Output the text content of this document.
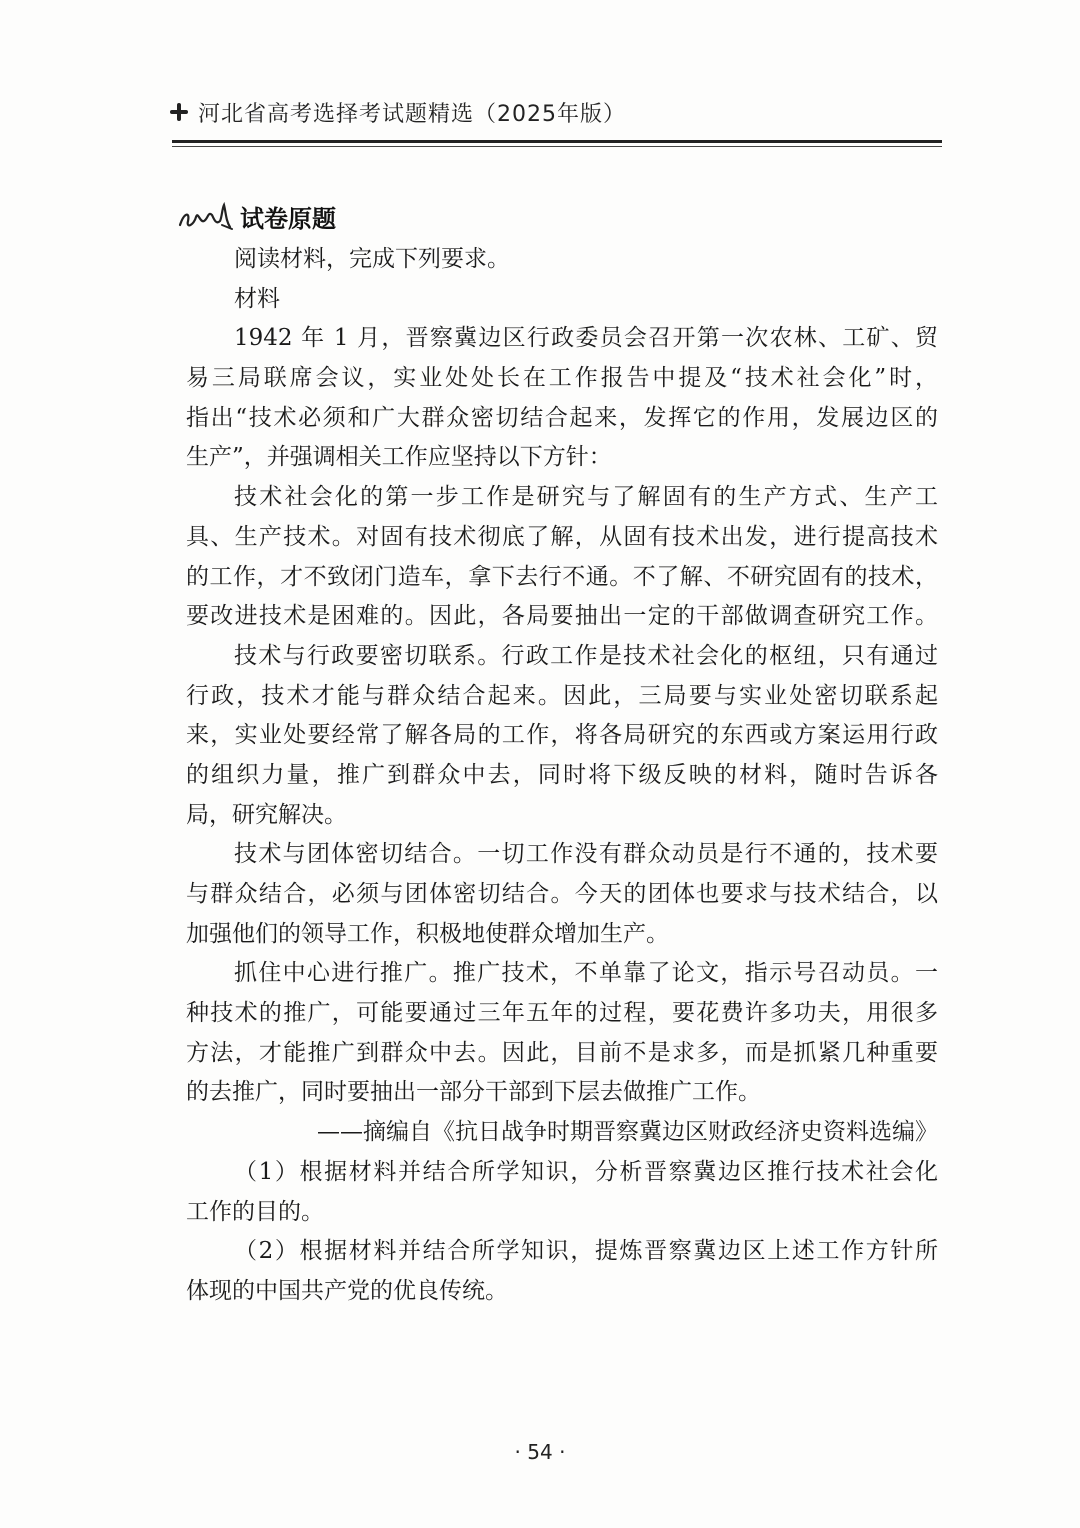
河北省高考选择考试题精选（2025年版）
试卷原题
阅读材料，完成下列要求。
材料
1942 年 1 月，晋察冀边区行政委员会召开第一次农林、工矿、贸
易三局联席会议，实业处处长在工作报告中提及“技术社会化”时，
指出“技术必须和广大群众密切结合起来，发挥它的作用，发展边区的
生产”，并强调相关工作应坚持以下方针：
技术社会化的第一步工作是研究与了解固有的生产方式、生产工
具、生产技术。对固有技术彻底了解，从固有技术出发，进行提高技术
的工作，才不致闭门造车，拿下去行不通。不了解、不研究固有的技术，
要改进技术是困难的。因此，各局要抽出一定的干部做调查研究工作。
技术与行政要密切联系。行政工作是技术社会化的枢纽，只有通过
行政，技术才能与群众结合起来。因此，三局要与实业处密切联系起
来，实业处要经常了解各局的工作，将各局研究的东西或方案运用行政
的组织力量，推广到群众中去，同时将下级反映的材料，随时告诉各
局，研究解决。
技术与团体密切结合。一切工作没有群众动员是行不通的，技术要
与群众结合，必须与团体密切结合。今天的团体也要求与技术结合，以
加强他们的领导工作，积极地使群众增加生产。
抓住中心进行推广。推广技术，不单靠了论文，指示号召动员。一
种技术的推广，可能要通过三年五年的过程，要花费许多功夫，用很多
方法，才能推广到群众中去。因此，目前不是求多，而是抓紧几种重要
的去推广，同时要抽出一部分干部到下层去做推广工作。
——摘编自《抗日战争时期晋察冀边区财政经济史资料选编》
（1）根据材料并结合所学知识，分析晋察冀边区推行技术社会化
工作的目的。
（2）根据材料并结合所学知识，提炼晋察冀边区上述工作方针所
体现的中国共产党的优良传统。
· 54 ·
